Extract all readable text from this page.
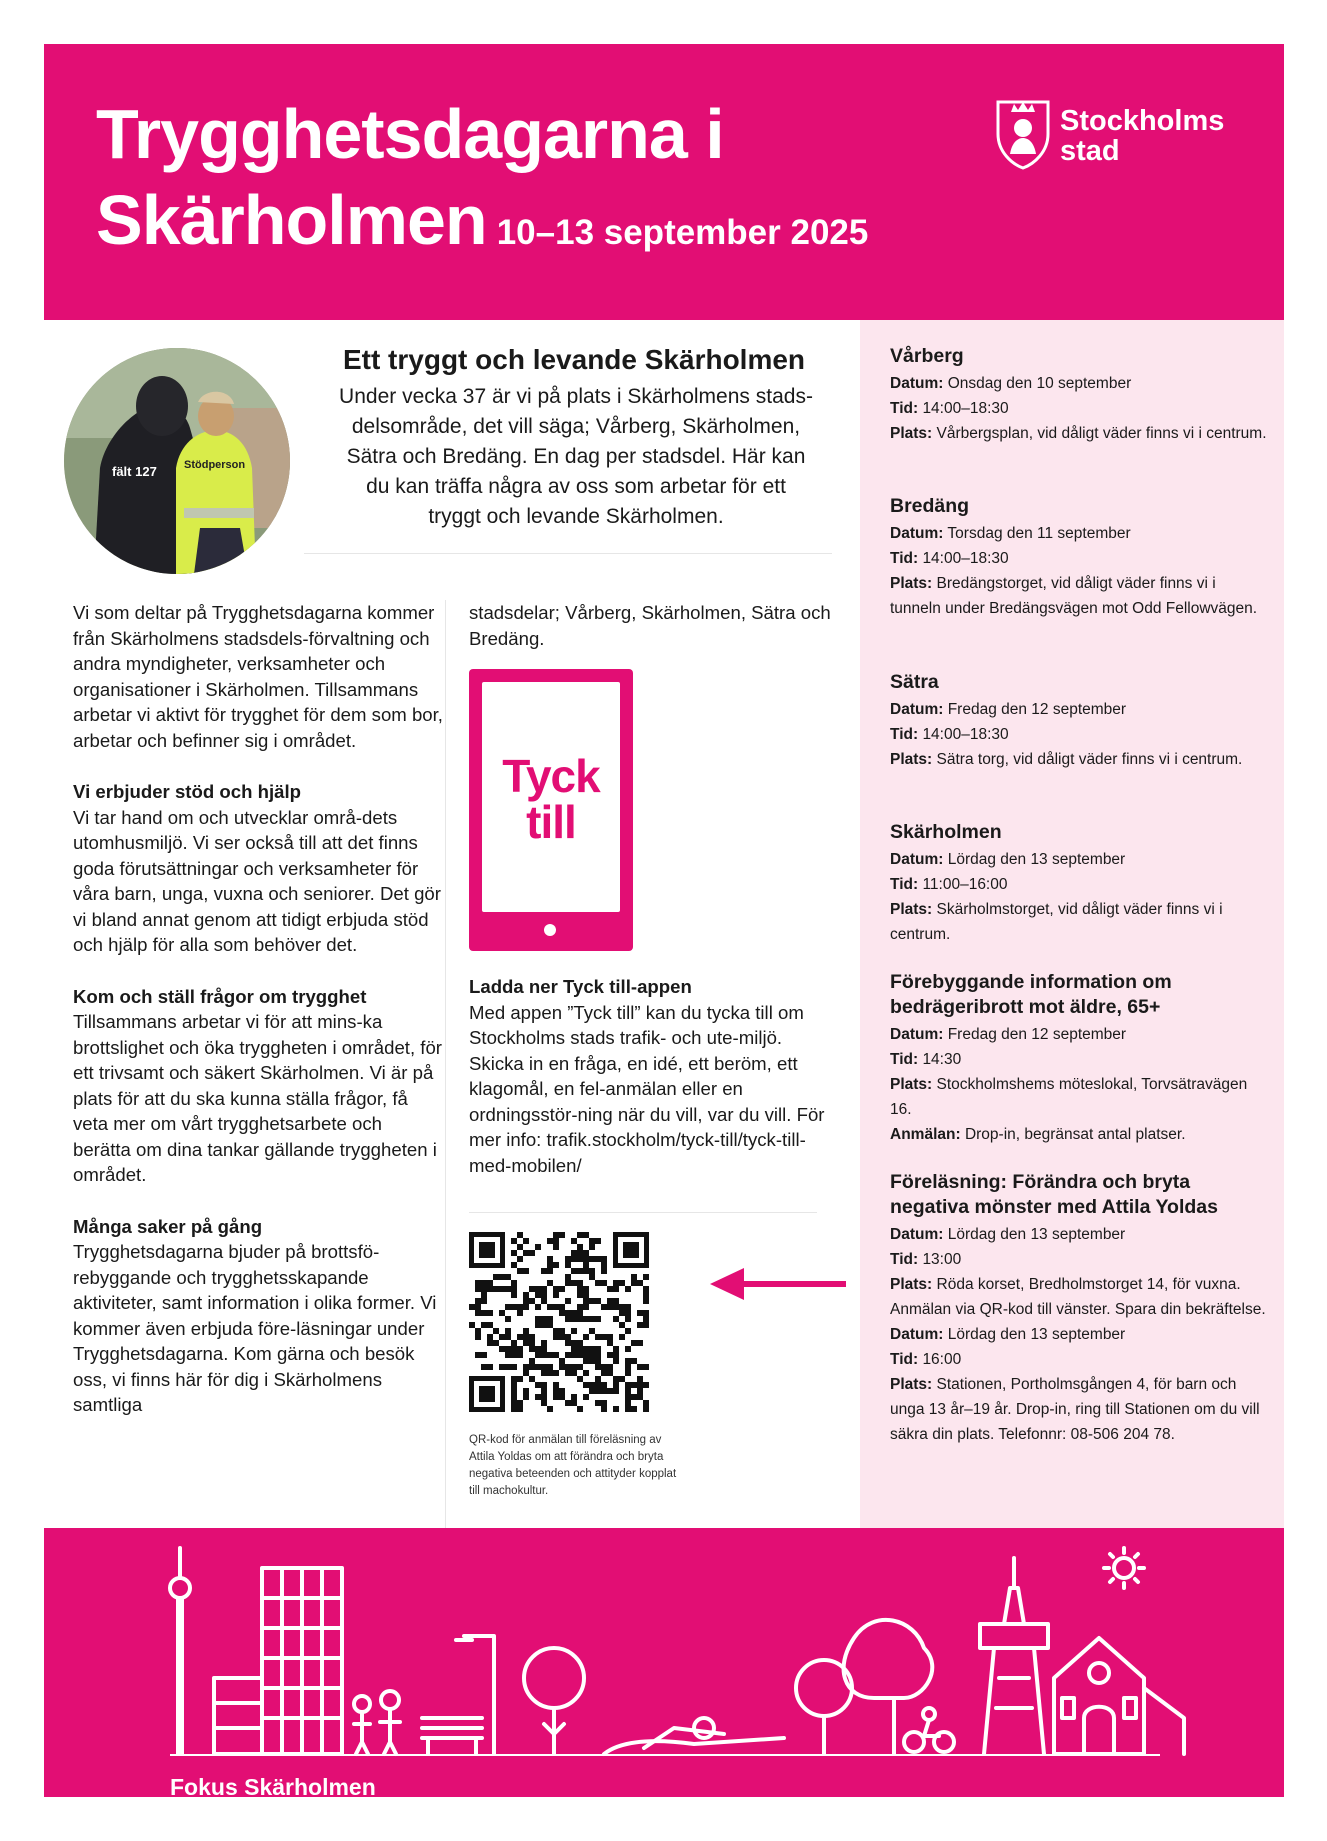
Trygghetsdagarna i
Skärholmen 10–13 september 2025
Stockholms
stad
fält 127 Stödperson
Ett tryggt och levande Skärholmen
Under vecka 37 är vi på plats i Skärholmens stads-
delsområde, det vill säga; Vårberg, Skärholmen,
Sätra och Bredäng. En dag per stadsdel. Här kan
du kan träffa några av oss som arbetar för ett
tryggt och levande Skärholmen.

Vi som deltar på Trygghetsdagarna kommer från Skärholmens stadsdels-förvaltning och andra myndigheter, verksamheter och organisationer i Skärholmen. Tillsammans arbetar vi aktivt för trygghet för dem som bor, arbetar och befinner sig i området.

Vi erbjuder stöd och hjälp

Vi tar hand om och utvecklar områ-dets utomhusmiljö. Vi ser också till att det finns goda förutsättningar och verksamheter för våra barn, unga, vuxna och seniorer. Det gör vi bland annat genom att tidigt erbjuda stöd och hjälp för alla som behöver det.

Kom och ställ frågor om trygghet

Tillsammans arbetar vi för att mins-ka brottslighet och öka tryggheten i området, för ett trivsamt och säkert Skärholmen. Vi är på plats för att du ska kunna ställa frågor, få veta mer om vårt trygghetsarbete och berätta om dina tankar gällande tryggheten i området.

Många saker på gång

Trygghetsdagarna bjuder på brottsfö-rebyggande och trygghetsskapande aktiviteter, samt information i olika former. Vi kommer även erbjuda före-läsningar under Trygghetsdagarna. Kom gärna och besök oss, vi finns här för dig i Skärholmens samtliga

stadsdelar; Vårberg, Skärholmen, Sätra och Bredäng.

Tyck
till
Ladda ner Tyck till-appen

Med appen ”Tyck till” kan du tycka till om Stockholms stads trafik- och ute-miljö. Skicka in en fråga, en idé, ett beröm, ett klagomål, en fel-anmälan eller en ordningsstör-ning när du vill, var du vill. För mer info: trafik.stockholm/tyck-till/tyck-till-med-mobilen/

QR-kod för anmälan till föreläsning av Attila Yoldas om att förändra och bryta negativa beteenden och attityder kopplat till machokultur.
Vårberg

Datum: Onsdag den 10 september

Tid: 14:00–18:30

Plats: Vårbergsplan, vid dåligt väder finns vi i centrum.

Bredäng

Datum: Torsdag den 11 september

Tid: 14:00–18:30

Plats: Bredängstorget, vid dåligt väder finns vi i tunneln under Bredängsvägen mot Odd Fellowvägen.

Sätra

Datum: Fredag den 12 september

Tid: 14:00–18:30

Plats: Sätra torg, vid dåligt väder finns vi i centrum.

Skärholmen

Datum: Lördag den 13 september

Tid: 11:00–16:00

Plats: Skärholmstorget, vid dåligt väder finns vi i centrum.

Förebyggande information om bedrägeribrott mot äldre, 65+

Datum: Fredag den 12 september

Tid: 14:30

Plats: Stockholmshems möteslokal, Torvsätravägen 16.

Anmälan: Drop-in, begränsat antal platser.

Föreläsning: Förändra och bryta negativa mönster med Attila Yoldas

Datum: Lördag den 13 september

Tid: 13:00

Plats: Röda korset, Bredholmstorget 14, för vuxna. Anmälan via QR-kod till vänster. Spara din bekräftelse.

Datum: Lördag den 13 september

Tid: 16:00

Plats: Stationen, Portholmsgången 4, för barn och unga 13 år–19 år. Drop-in, ring till Stationen om du vill säkra din plats. Telefonnr: 08-506 204 78.

Fokus Skärholmen
